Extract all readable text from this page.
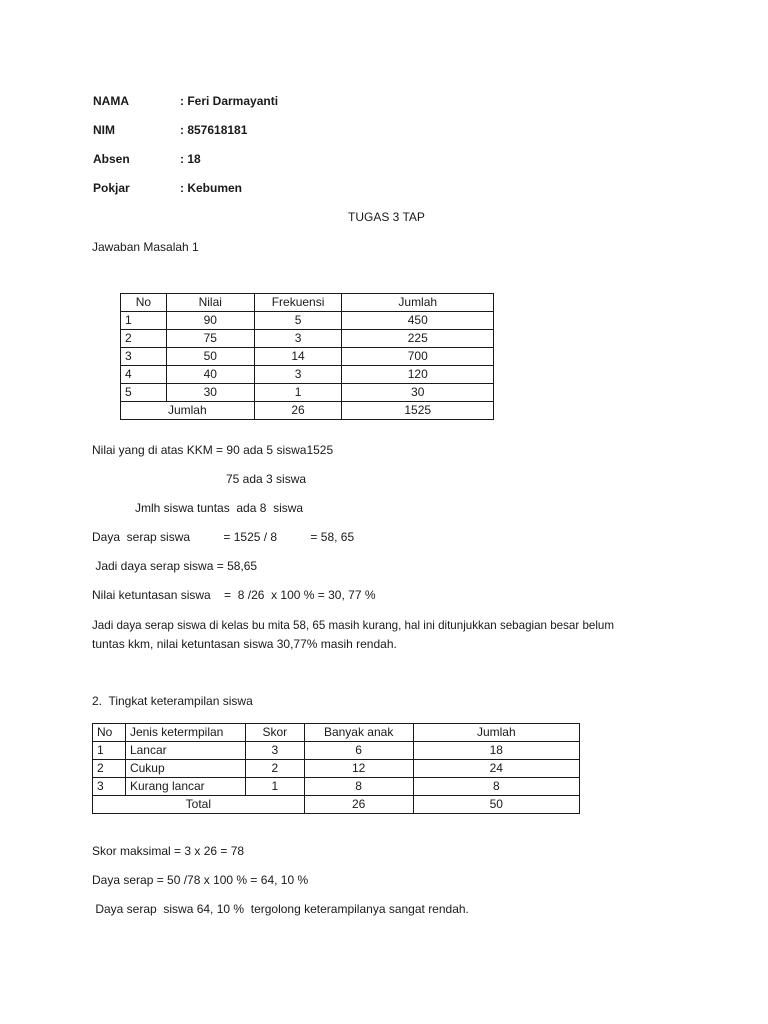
NAMA	: Feri Darmayanti
NIM	: 857618181
Absen	: 18
Pokjar	: Kebumen
TUGAS 3 TAP
Jawaban Masalah 1
No	Nilai	Frekuensi	Jumlah
1	90	5	450
2	75	3	225
3	50	14	700
4	40	3	120
5	30	1	30
Jumlah		26	1525
Nilai yang di atas KKM = 90 ada 5 siswa1525
75 ada 3 siswa
Jmlh siswa tuntas  ada 8  siswa
Daya  serap siswa          = 1525 / 8          = 58, 65
Jadi daya serap siswa = 58,65
Nilai ketuntasan siswa    =  8 /26  x 100 % = 30, 77 %
Jadi daya serap siswa di kelas bu mita 58, 65 masih kurang, hal ini ditunjukkan sebagian besar belum
tuntas kkm, nilai ketuntasan siswa 30,77% masih rendah.
2.  Tingkat keterampilan siswa
No	Jenis ketermpilan	Skor	Banyak anak	Jumlah
1	Lancar	3	6	18
2	Cukup	2	12	24
3	Kurang lancar	1	8	8
Total			26	50
Skor maksimal = 3 x 26 = 78
Daya serap = 50 /78 x 100 % = 64, 10 %
Daya serap  siswa 64, 10 %  tergolong keterampilanya sangat rendah.
